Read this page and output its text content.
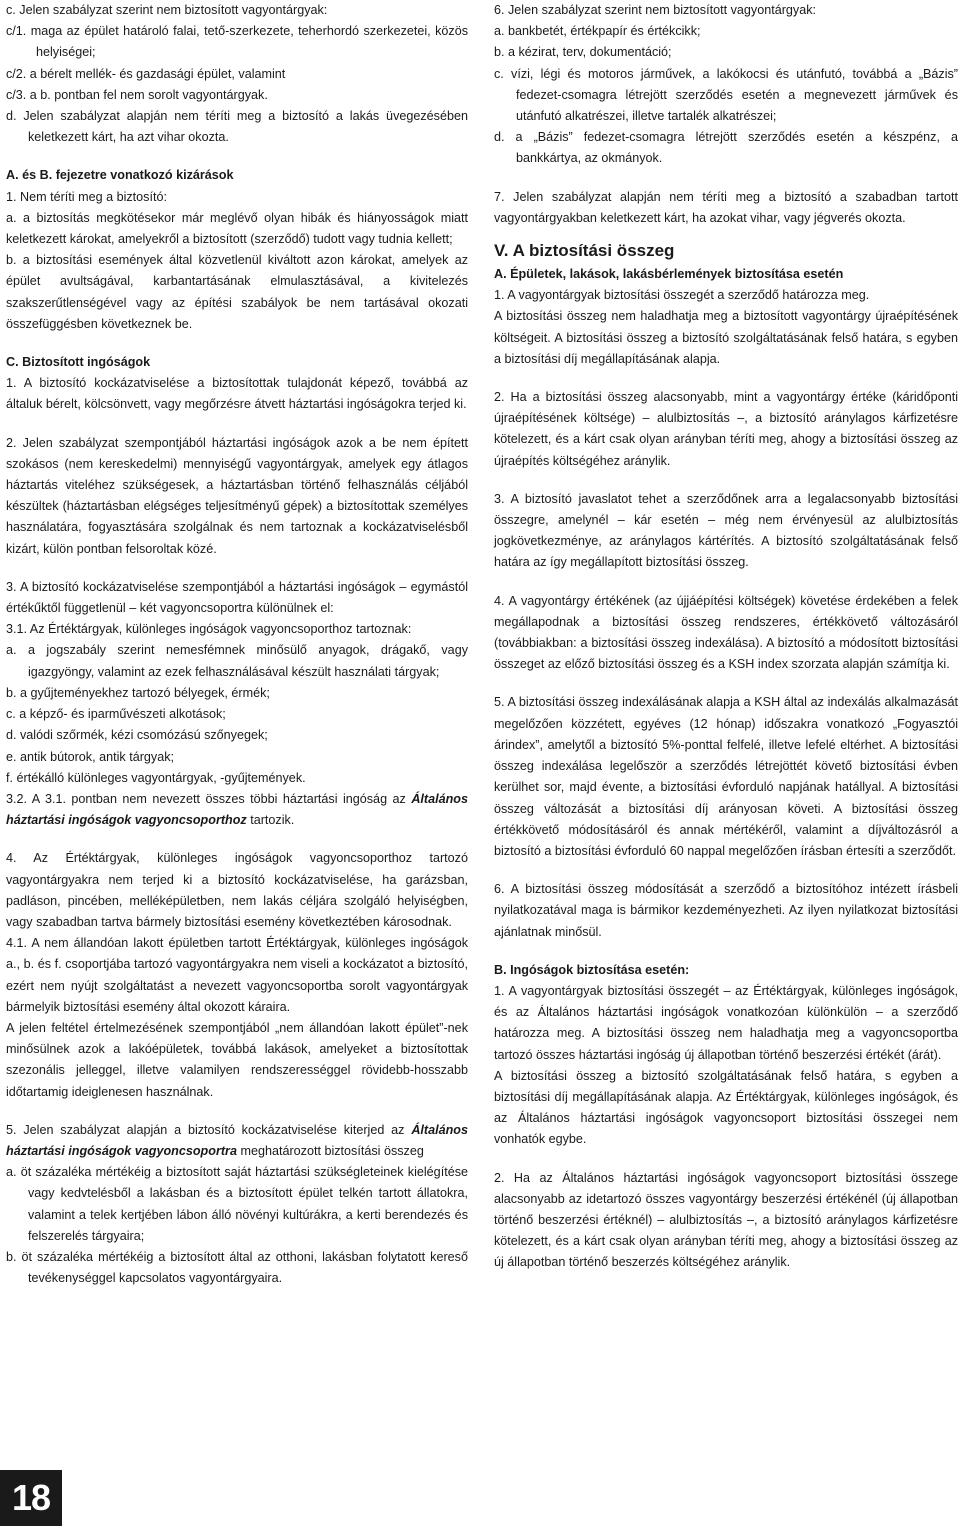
c. Jelen szabályzat szerint nem biztosított vagyontárgyak:

c/1. maga az épület határoló falai, tető-szerkezete, teherhordó szerkezetei, közös helyiségei;

c/2. a bérelt mellék- és gazdasági épület, valamint

c/3. a b. pontban fel nem sorolt vagyontárgyak.

d. Jelen szabályzat alapján nem téríti meg a biztosító a lakás üvegezésében keletkezett kárt, ha azt vihar okozta.

A. és B. fejezetre vonatkozó kizárások

1. Nem téríti meg a biztosító:

a. a biztosítás megkötésekor már meglévő olyan hibák és hiányosságok miatt keletkezett károkat, amelyekről a biztosított (szerződő) tudott vagy tudnia kellett;

b. a biztosítási események által közvetlenül kiváltott azon károkat, amelyek az épület avultságával, karbantartásának elmulasztásával, a kivitelezés szakszerűtlenségével vagy az építési szabályok be nem tartásával okozati összefüggésben következnek be.

C. Biztosított ingóságok

1. A biztosító kockázatviselése a biztosítottak tulajdonát képező, továbbá az általuk bérelt, kölcsönvett, vagy megőrzésre átvett háztartási ingóságokra terjed ki.

2. Jelen szabályzat szempontjából háztartási ingóságok azok a be nem épített szokásos (nem kereskedelmi) mennyiségű vagyontárgyak, amelyek egy átlagos háztartás viteléhez szükségesek, a háztartásban történő felhasználás céljából készültek (háztartásban elégséges teljesítményű gépek) a biztosítottak személyes használatára, fogyasztására szolgálnak és nem tartoznak a kockázatviselésből kizárt, külön pontban felsoroltak közé.

3. A biztosító kockázatviselése szempontjából a háztartási ingóságok – egymástól értékűktől függetlenül – két vagyoncsoportra különülnek el:

3.1. Az Értéktárgyak, különleges ingóságok vagyoncsoporthoz tartoznak:

a. a jogszabály szerint nemesfémnek minősülő anyagok, drágakő, vagy igazgyöngy, valamint az ezek felhasználásával készült használati tárgyak;

b. a gyűjteményekhez tartozó bélyegek, érmék;

c. a képző- és iparművészeti alkotások;

d. valódi szőrmék, kézi csomózású szőnyegek;

e. antik bútorok, antik tárgyak;

f. értékálló különleges vagyontárgyak, -gyűjtemények.

3.2. A 3.1. pontban nem nevezett összes többi háztartási ingóság az Általános háztartási ingóságok vagyoncsoporthoz tartozik.

4. Az Értéktárgyak, különleges ingóságok vagyoncsoporthoz tartozó vagyontárgyakra nem terjed ki a biztosító kockázatviselése, ha garázsban, padláson, pincében, melléképületben, nem lakás céljára szolgáló helyiségben, vagy szabadban tartva bármely biztosítási esemény következtében károsodnak.

4.1. A nem állandóan lakott épületben tartott Értéktárgyak, különleges ingóságok a., b. és f. csoportjába tartozó vagyontárgyakra nem viseli a kockázatot a biztosító, ezért nem nyújt szolgáltatást a nevezett vagyoncsoportba sorolt vagyontárgyak bármelyik biztosítási esemény által okozott káraira.

A jelen feltétel értelmezésének szempontjából „nem állandóan lakott épület”-nek minősülnek azok a lakóépületek, továbbá lakások, amelyeket a biztosítottak szezonális jelleggel, illetve valamilyen rendszerességgel rövidebb-hosszabb időtartamig ideiglenesen használnak.

5. Jelen szabályzat alapján a biztosító kockázatviselése kiterjed az Általános háztartási ingóságok vagyoncsoportra meghatározott biztosítási összeg

a. öt százaléka mértékéig a biztosított saját háztartási szükségleteinek kielégítése vagy kedvtelésből a lakásban és a biztosított épület telkén tartott állatokra, valamint a telek kertjében lábon álló növényi kultúrákra, a kerti berendezés és felszerelés tárgyaira;

b. öt százaléka mértékéig a biztosított által az otthoni, lakásban folytatott kereső tevékenységgel kapcsolatos vagyontárgyaira.

6. Jelen szabályzat szerint nem biztosított vagyontárgyak:

a. bankbetét, értékpapír és értékcikk;

b. a kézirat, terv, dokumentáció;

c. vízi, légi és motoros járművek, a lakókocsi és utánfutó, továbbá a „Bázis” fedezet-csomagra létrejött szerződés esetén a megnevezett járművek és utánfutó alkatrészei, illetve tartalék alkatrészei;

d. a „Bázis” fedezet-csomagra létrejött szerződés esetén a készpénz, a bankkártya, az okmányok.

7. Jelen szabályzat alapján nem téríti meg a biztosító a szabadban tartott vagyontárgyakban keletkezett kárt, ha azokat vihar, vagy jégverés okozta.

V. A biztosítási összeg

A. Épületek, lakások, lakásbérlemények biztosítása esetén

1. A vagyontárgyak biztosítási összegét a szerződő határozza meg.

A biztosítási összeg nem haladhatja meg a biztosított vagyontárgy újraépítésének költségeit. A biztosítási összeg a biztosító szolgáltatásának felső határa, s egyben a biztosítási díj megállapításának alapja.

2. Ha a biztosítási összeg alacsonyabb, mint a vagyontárgy értéke (káridőponti újraépítésének költsége) – alulbiztosítás –, a biztosító aránylagos kárfizetésre kötelezett, és a kárt csak olyan arányban téríti meg, ahogy a biztosítási összeg az újraépítés költségéhez aránylik.

3. A biztosító javaslatot tehet a szerződőnek arra a legalacsonyabb biztosítási összegre, amelynél – kár esetén – még nem érvényesül az alulbiztosítás jogkövetkezménye, az aránylagos kártérítés. A biztosító szolgáltatásának felső határa az így megállapított biztosítási összeg.

4. A vagyontárgy értékének (az újjáépítési költségek) követése érdekében a felek megállapodnak a biztosítási összeg rendszeres, értékkövető változásáról (továbbiakban: a biztosítási összeg indexálása). A biztosító a módosított biztosítási összeget az előző biztosítási összeg és a KSH index szorzata alapján számítja ki.

5. A biztosítási összeg indexálásának alapja a KSH által az indexálás alkalmazását megelőzően közzétett, egyéves (12 hónap) időszakra vonatkozó „Fogyasztói árindex”, amelytől a biztosító 5%-ponttal felfelé, illetve lefelé eltérhet. A biztosítási összeg indexálása legelőször a szerződés létrejöttét követő biztosítási évben kerülhet sor, majd évente, a biztosítási évforduló napjának hatállyal. A biztosítási összeg változását a biztosítási díj arányosan követi. A biztosítási összeg értékkövető módosításáról és annak mértékéről, valamint a díjváltozásról a biztosító a biztosítási évforduló 60 nappal megelőzően írásban értesíti a szerződőt.

6. A biztosítási összeg módosítását a szerződő a biztosítóhoz intézett írásbeli nyilatkozatával maga is bármikor kezdeményezheti. Az ilyen nyilatkozat biztosítási ajánlatnak minősül.

B. Ingóságok biztosítása esetén:

1. A vagyontárgyak biztosítási összegét – az Értéktárgyak, különleges ingóságok, és az Általános háztartási ingóságok vonatkozóan különkülön – a szerződő határozza meg. A biztosítási összeg nem haladhatja meg a vagyoncsoportba tartozó összes háztartási ingóság új állapotban történő beszerzési értékét (árát).

A biztosítási összeg a biztosító szolgáltatásának felső határa, s egyben a biztosítási díj megállapításának alapja. Az Értéktárgyak, különleges ingóságok, és az Általános háztartási ingóságok vagyoncsoport biztosítási összegei nem vonhatók egybe.

2. Ha az Általános háztartási ingóságok vagyoncsoport biztosítási összege alacsonyabb az idetartozó összes vagyontárgy beszerzési értékénél (új állapotban történő beszerzési értéknél) – alulbiztosítás –, a biztosító aránylagos kárfizetésre kötelezett, és a kárt csak olyan arányban téríti meg, ahogy a biztosítási összeg az új állapotban történő beszerzés költségéhez aránylik.

18
